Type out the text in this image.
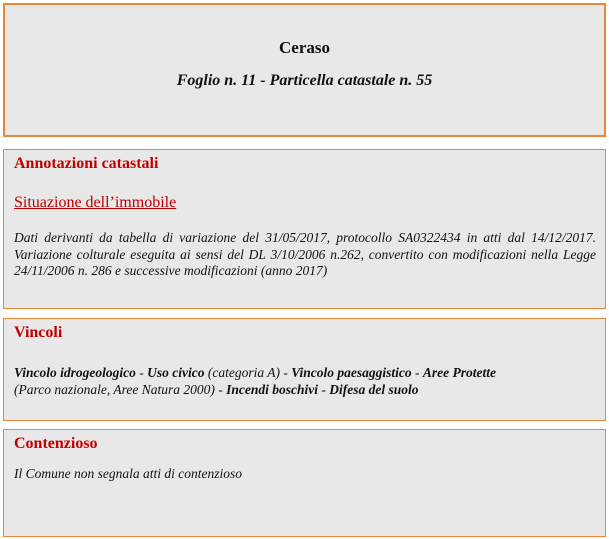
Ceraso
Foglio n. 11 - Particella catastale n. 55
Annotazioni catastali
Situazione dell’immobile
Dati derivanti da tabella di variazione del 31/05/2017, protocollo SA0322434 in atti dal 14/12/2017. Variazione colturale eseguita ai sensi del DL 3/10/2006 n.262, convertito con modificazioni nella Legge 24/11/2006 n. 286 e successive modificazioni (anno 2017)
Vincoli
Vincolo idrogeologico - Uso civico (categoria A) - Vincolo paesaggistico - Aree Protette
(Parco nazionale, Aree Natura 2000) - Incendi boschivi - Difesa del suolo
Contenzioso
Il Comune non segnala atti di contenzioso
